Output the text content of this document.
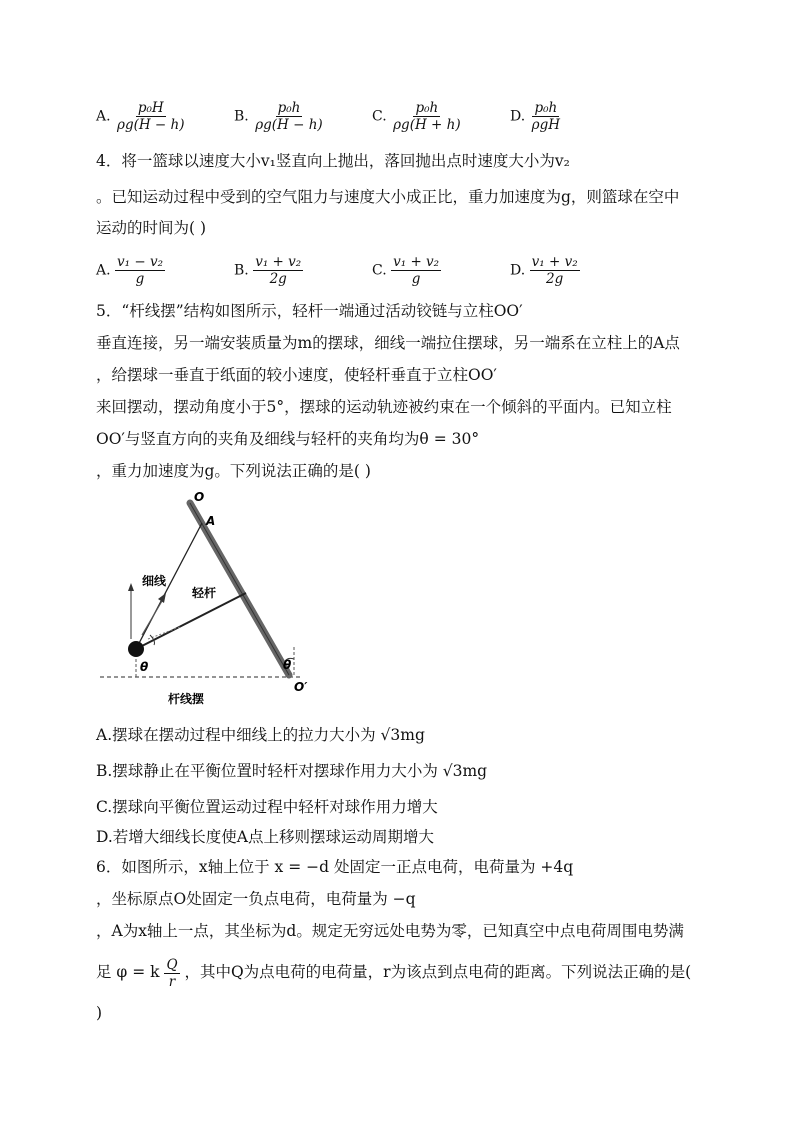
A. $\frac{\text{p₀H}}{\rho g(H - h)}$	B. $\frac{\text{p₀h}}{\rho g(H - h)}$	C. $\frac{\text{p₀h}}{\rho g(H + h)}$	D. $\frac{\text{p₀h}}{\text{ρgH}}$
4．将一篮球以速度大小v₁竖直向上抛出，落回抛出点时速度大小为v₂
。已知运动过程中受到的空气阻力与速度大小成正比，重力加速度为g，则篮球在空中
运动的时间为( )
A. $\frac{\text{v₁ − v₂}}{g}$	B. $\frac{\text{v₁ + v₂}}{2g}$	C. $\frac{\text{v₁ + v₂}}{g}$	D. $\frac{\text{v₁ + v₂}}{2g}$
5．“杆线摆”结构如图所示，轻杆一端通过活动铰链与立柱OO′
垂直连接，另一端安装质量为m的摆球，细线一端拉住摆球，另一端系在立柱上的A点
，给摆球一垂直于纸面的较小速度，使轻杆垂直于立柱OO′
来回摆动，摆动角度小于5°，摆球的运动轨迹被约束在一个倾斜的平面内。已知立柱
OO′与竖直方向的夹角及细线与轻杆的夹角均为θ = 30°
，重力加速度为g。下列说法正确的是( )
O
A
细线
轻杆
θ	θ
O′
杆线摆
A.摆球在摆动过程中细线上的拉力大小为 √3mg
B.摆球静止在平衡位置时轻杆对摆球作用力大小为 √3mg
C.摆球向平衡位置运动过程中轻杆对球作用力增大
D.若增大细线长度使A点上移则摆球运动周期增大
6．如图所示，x轴上位于 x = −d 处固定一正点电荷，电荷量为 +4q
，坐标原点O处固定一负点电荷，电荷量为 −q
，A为x轴上一点，其坐标为d。规定无穷远处电势为零，已知真空中点电荷周围电势满
足 φ = k $\frac{Q}{r}$ ，其中Q为点电荷的电荷量，r为该点到点电荷的距离。下列说法正确的是(
)
